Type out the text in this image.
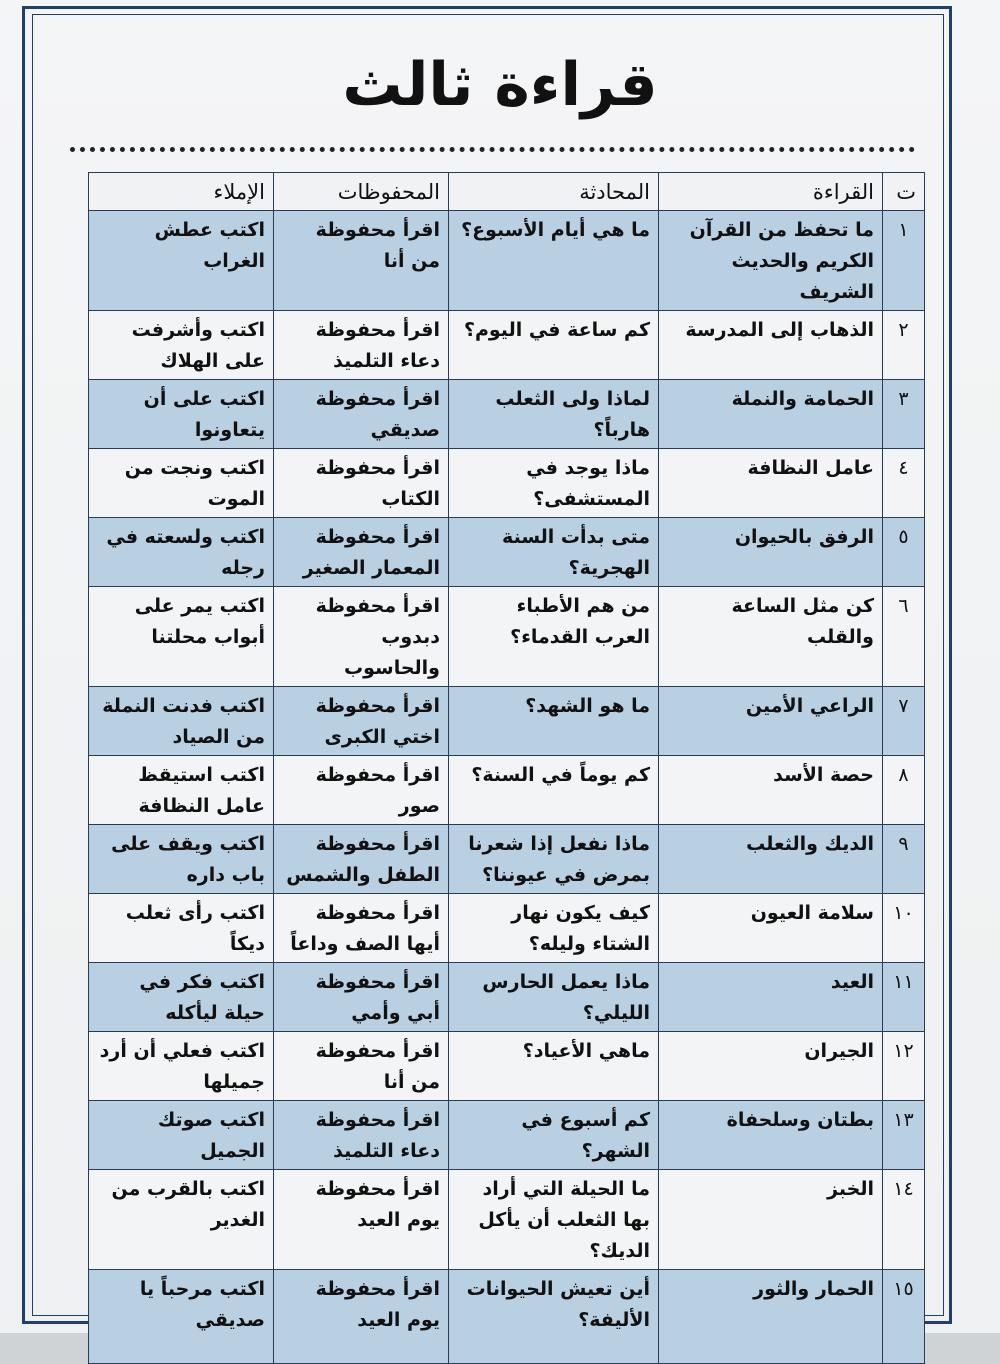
قراءة ثالث
ت	القراءة	المحادثة	المحفوظات	الإملاء
١	ما تحفظ من القرآن الكريم والحديث الشريف	ما هي أيام الأسبوع؟	اقرأ محفوظة من أنا	اكتب عطش الغراب
٢	الذهاب إلى المدرسة	كم ساعة في اليوم؟	اقرأ محفوظة دعاء التلميذ	اكتب وأشرفت على الهلاك
٣	الحمامة والنملة	لماذا ولى الثعلب هارباً؟	اقرأ محفوظة صديقي	اكتب على أن يتعاونوا
٤	عامل النظافة	ماذا يوجد في المستشفى؟	اقرأ محفوظة الكتاب	اكتب ونجت من الموت
٥	الرفق بالحيوان	متى بدأت السنة الهجرية؟	اقرأ محفوظة المعمار الصغير	اكتب ولسعته في رجله
٦	كن مثل الساعة والقلب	من هم الأطباء العرب القدماء؟	اقرأ محفوظة دبدوب والحاسوب	اكتب يمر على أبواب محلتنا
٧	الراعي الأمين	ما هو الشهد؟	اقرأ محفوظة اختي الكبرى	اكتب فدنت النملة من الصياد
٨	حصة الأسد	كم يوماً في السنة؟	اقرأ محفوظة صور	اكتب استيقظ عامل النظافة
٩	الديك والثعلب	ماذا نفعل إذا شعرنا بمرض في عيوننا؟	اقرأ محفوظة الطفل والشمس	اكتب ويقف على باب داره
١٠	سلامة العيون	كيف يكون نهار الشتاء وليله؟	اقرأ محفوظة أيها الصف وداعاً	اكتب رأى ثعلب ديكاً
١١	العيد	ماذا يعمل الحارس الليلي؟	اقرأ محفوظة أبي وأمي	اكتب فكر في حيلة ليأكله
١٢	الجيران	ماهي الأعياد؟	اقرأ محفوظة من أنا	اكتب فعلي أن أرد جميلها
١٣	بطتان وسلحفاة	كم أسبوع في الشهر؟	اقرأ محفوظة دعاء التلميذ	اكتب صوتك الجميل
١٤	الخبز	ما الحيلة التي أراد بها الثعلب أن يأكل الديك؟	اقرأ محفوظة يوم العيد	اكتب بالقرب من الغدير
١٥	الحمار والثور	أين تعيش الحيوانات الأليفة؟	اقرأ محفوظة يوم العيد	اكتب مرحباً يا صديقي
